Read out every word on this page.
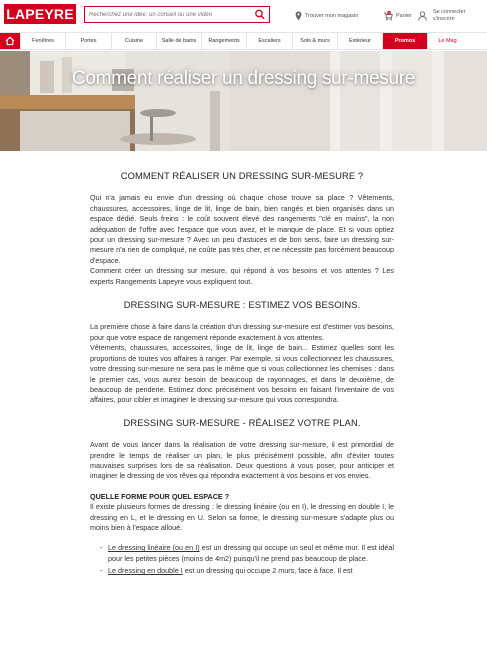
LAPEYRE
Recherchez une idée, un conseil ou une vidéo	Trouver mon magasin	0 Panier
Se connecter
s'inscrire
Fenêtres	Portes	Cuisine	Salle de bains	Rangements	Escaliers	Sols & murs	Extérieur	Promos	Le Mag
Comment réaliser un dressing sur-mesure
COMMENT RÉALISER UN DRESSING SUR-MESURE ?

Qui n'a jamais eu envie d'un dressing où chaque chose trouve sa place ? Vêtements, chaussures, accessoires, linge de lit, linge de bain, bien rangés et bien organisés dans un espace dédié. Seuls freins : le coût souvent élevé des rangements "clé en mains", la non adéquation de l'offre avec l'espace que vous avez, et le manque de place. Et si vous optiez pour un dressing sur-mesure ? Avec un peu d'astuces et de bon sens, faire un dressing sur-mesure n'a rien de compliqué, ne coûte pas très cher, et ne nécessite pas forcément beaucoup d'espace.

Comment créer un dressing sur mesure, qui répond à vos besoins et vos attentes ? Les experts Rangements Lapeyre vous expliquent tout.

DRESSING SUR-MESURE : ESTIMEZ VOS BESOINS.

La première chose à faire dans la création d'un dressing sur-mesure est d'estimer vos besoins, pour que votre espace de rangement réponde exactement à vos attentes.

Vêtements, chaussures, accessoires, linge de lit, linge de bain... Estimez quelles sont les proportions de toutes vos affaires à ranger. Par exemple, si vous collectionnez les chaussures, votre dressing sur-mesure ne sera pas le même que si vous collectionnez les chemises : dans le premier cas, vous aurez besoin de beaucoup de rayonnages, et dans le deuxième, de beaucoup de penderie. Estimez donc précisément vos besoins en faisant l'inventaire de vos affaires, pour cibler et imaginer le dressing sur-mesure qui vous correspondra.

DRESSING SUR-MESURE - RÉALISEZ VOTRE PLAN.

Avant de vous lancer dans la réalisation de votre dressing sur-mesure, il est primordial de prendre le temps de réaliser un plan, le plus précisément possible, afin d'éviter toutes mauvaises surprises lors de sa réalisation. Deux questions à vous poser, pour anticiper et imaginer le dressing de vos rêves qui répondra exactement à vos besoins et vos envies.

QUELLE FORME POUR QUEL ESPACE ?

Il existe plusieurs formes de dressing : le dressing linéaire (ou en I), le dressing en double I, le dressing en L, et le dressing en U. Selon sa forme, le dressing sur-mesure s'adapte plus ou moins bien à l'espace alloué.

- Le dressing linéaire (ou en I) est un dressing qui occupe un seul et même mur. Il est idéal pour les petites pièces (moins de 4m2) puisqu'il ne prend pas beaucoup de place.
- Le dressing en double I est un dressing qui occupe 2 murs, face à face. Il est
